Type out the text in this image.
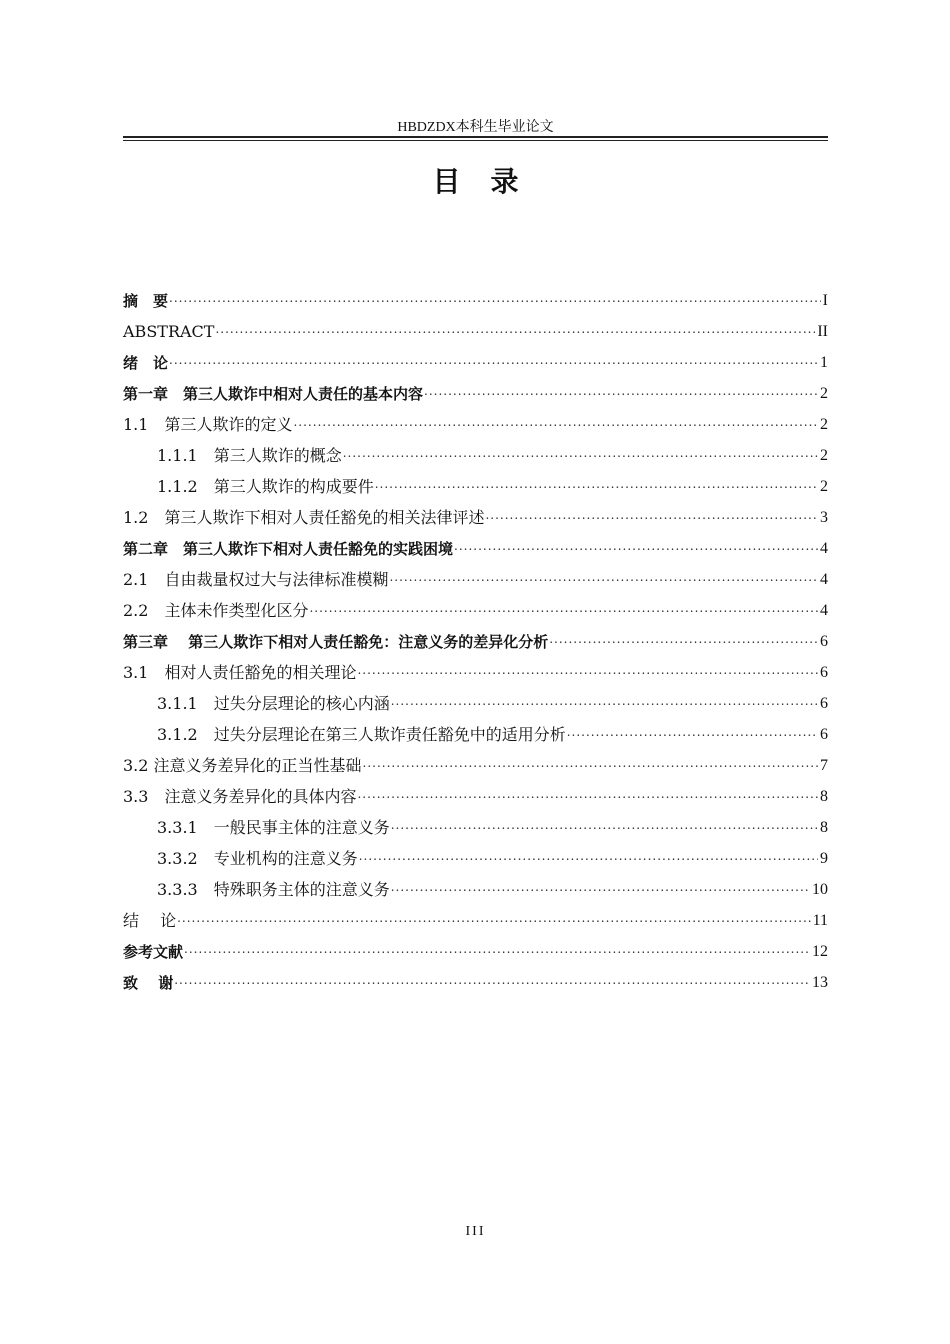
HBDZDX本科生毕业论文
目录
摘　要 .....	I
ABSTRACT .....	II
绪　论 .....	1
第一章　第三人欺诈中相对人责任的基本内容 .....	2
1.1　第三人欺诈的定义 .....	2
1.1.1　第三人欺诈的概念 .....	2
1.1.2　第三人欺诈的构成要件 .....	2
1.2　第三人欺诈下相对人责任豁免的相关法律评述 .....	3
第二章　第三人欺诈下相对人责任豁免的实践困境 .....	4
2.1　自由裁量权过大与法律标准模糊 .....	4
2.2　主体未作类型化区分 .....	4
第三章　 第三人欺诈下相对人责任豁免：注意义务的差异化分析 .....	6
3.1　相对人责任豁免的相关理论 .....	6
3.1.1　过失分层理论的核心内涵 .....	6
3.1.2　过失分层理论在第三人欺诈责任豁免中的适用分析 .....	6
3.2 注意义务差异化的正当性基础 .....	7
3.3　注意义务差异化的具体内容 .....	8
3.3.1　一般民事主体的注意义务 .....	8
3.3.2　专业机构的注意义务 .....	9
3.3.3　特殊职务主体的注意义务 .....	10
结　 论 .....	11
参考文献 .....	12
致　 谢 .....	13
III
